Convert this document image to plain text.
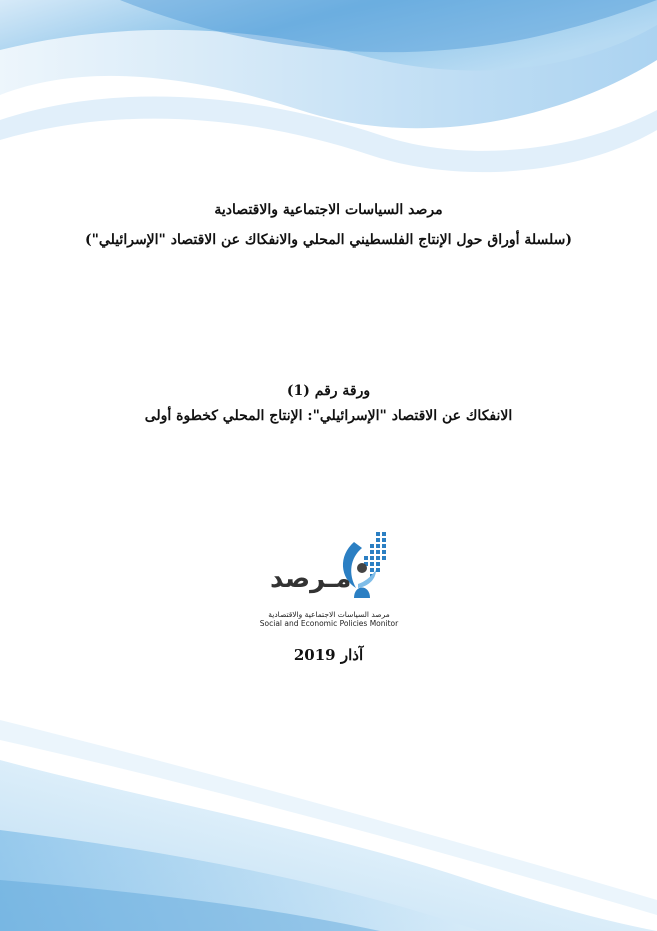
مرصد السياسات الاجتماعية والاقتصادية
(سلسلة أوراق حول الإنتاج الفلسطيني المحلي والانفكاك عن الاقتصاد "الإسرائيلي")
ورقة رقم (1)
الانفكاك عن الاقتصاد "الإسرائيلي": الإنتاج المحلي كخطوة أولى
مـرصد
مرصد السياسات الاجتماعية والاقتصادية
Social and Economic Policies Monitor
آذار 2019
